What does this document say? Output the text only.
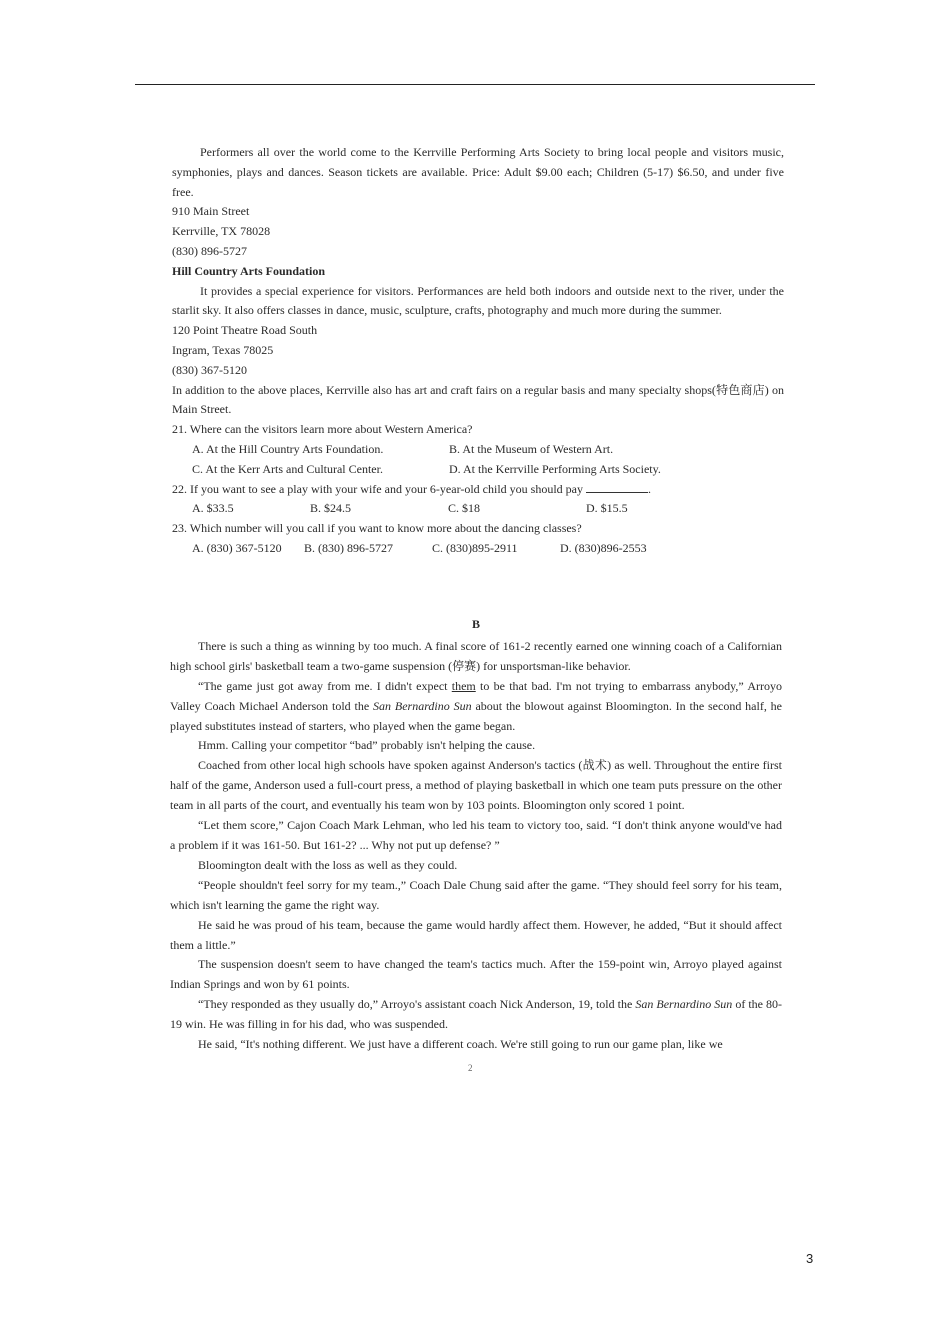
Performers all over the world come to the Kerrville Performing Arts Society to bring local people and visitors music, symphonies, plays and dances. Season tickets are available. Price: Adult $9.00 each; Children (5-17) $6.50, and under five free.

910 Main Street

Kerrville, TX 78028

(830) 896-5727

Hill Country Arts Foundation

It provides a special experience for visitors. Performances are held both indoors and outside next to the river, under the starlit sky. It also offers classes in dance, music, sculpture, crafts, photography and much more during the summer.

120 Point Theatre Road South

Ingram, Texas 78025

(830) 367-5120

In addition to the above places, Kerrville also has art and craft fairs on a regular basis and many specialty shops(特色商店) on Main Street.

21. Where can the visitors learn more about Western America?

A. At the Hill Country Arts Foundation.	B. At the Museum of Western Art.
C. At the Kerr Arts and Cultural Center.	D. At the Kerrville Performing Arts Society.

22. If you want to see a play with your wife and your 6-year-old child you should pay	.

A. $33.5	B. $24.5	C. $18	D. $15.5

23. Which number will you call if you want to know more about the dancing classes?

A. (830) 367-5120	B. (830) 896-5727	C. (830)895-2911	D. (830)896-2553

B

There is such a thing as winning by too much. A final score of 161-2 recently earned one winning coach of a Californian high school girls' basketball team a two-game suspension (停赛) for unsportsman-like behavior.

“The game just got away from me. I didn't expect them to be that bad. I'm not trying to embarrass anybody,” Arroyo Valley Coach Michael Anderson told the San Bernardino Sun about the blowout against Bloomington. In the second half, he played substitutes instead of starters, who played when the game began.

Hmm. Calling your competitor “bad” probably isn't helping the cause.

Coached from other local high schools have spoken against Anderson's tactics (战术) as well. Throughout the entire first half of the game, Anderson used a full-court press, a method of playing basketball in which one team puts pressure on the other team in all parts of the court, and eventually his team won by 103 points. Bloomington only scored 1 point.

“Let them score,” Cajon Coach Mark Lehman, who led his team to victory too, said. “I don't think anyone would've had a problem if it was 161-50. But 161-2? ... Why not put up defense? ”

Bloomington dealt with the loss as well as they could.

“People shouldn't feel sorry for my team.,” Coach Dale Chung said after the game. “They should feel sorry for his team, which isn't learning the game the right way.

He said he was proud of his team, because the game would hardly affect them. However, he added, “But it should affect them a little.”

The suspension doesn't seem to have changed the team's tactics much. After the 159-point win, Arroyo played against Indian Springs and won by 61 points.

“They responded as they usually do,” Arroyo's assistant coach Nick Anderson, 19, told the San Bernardino Sun of the 80-19 win. He was filling in for his dad, who was suspended.

He said, “It's nothing different. We just have a different coach. We're still going to run our game plan, like we

2
3
